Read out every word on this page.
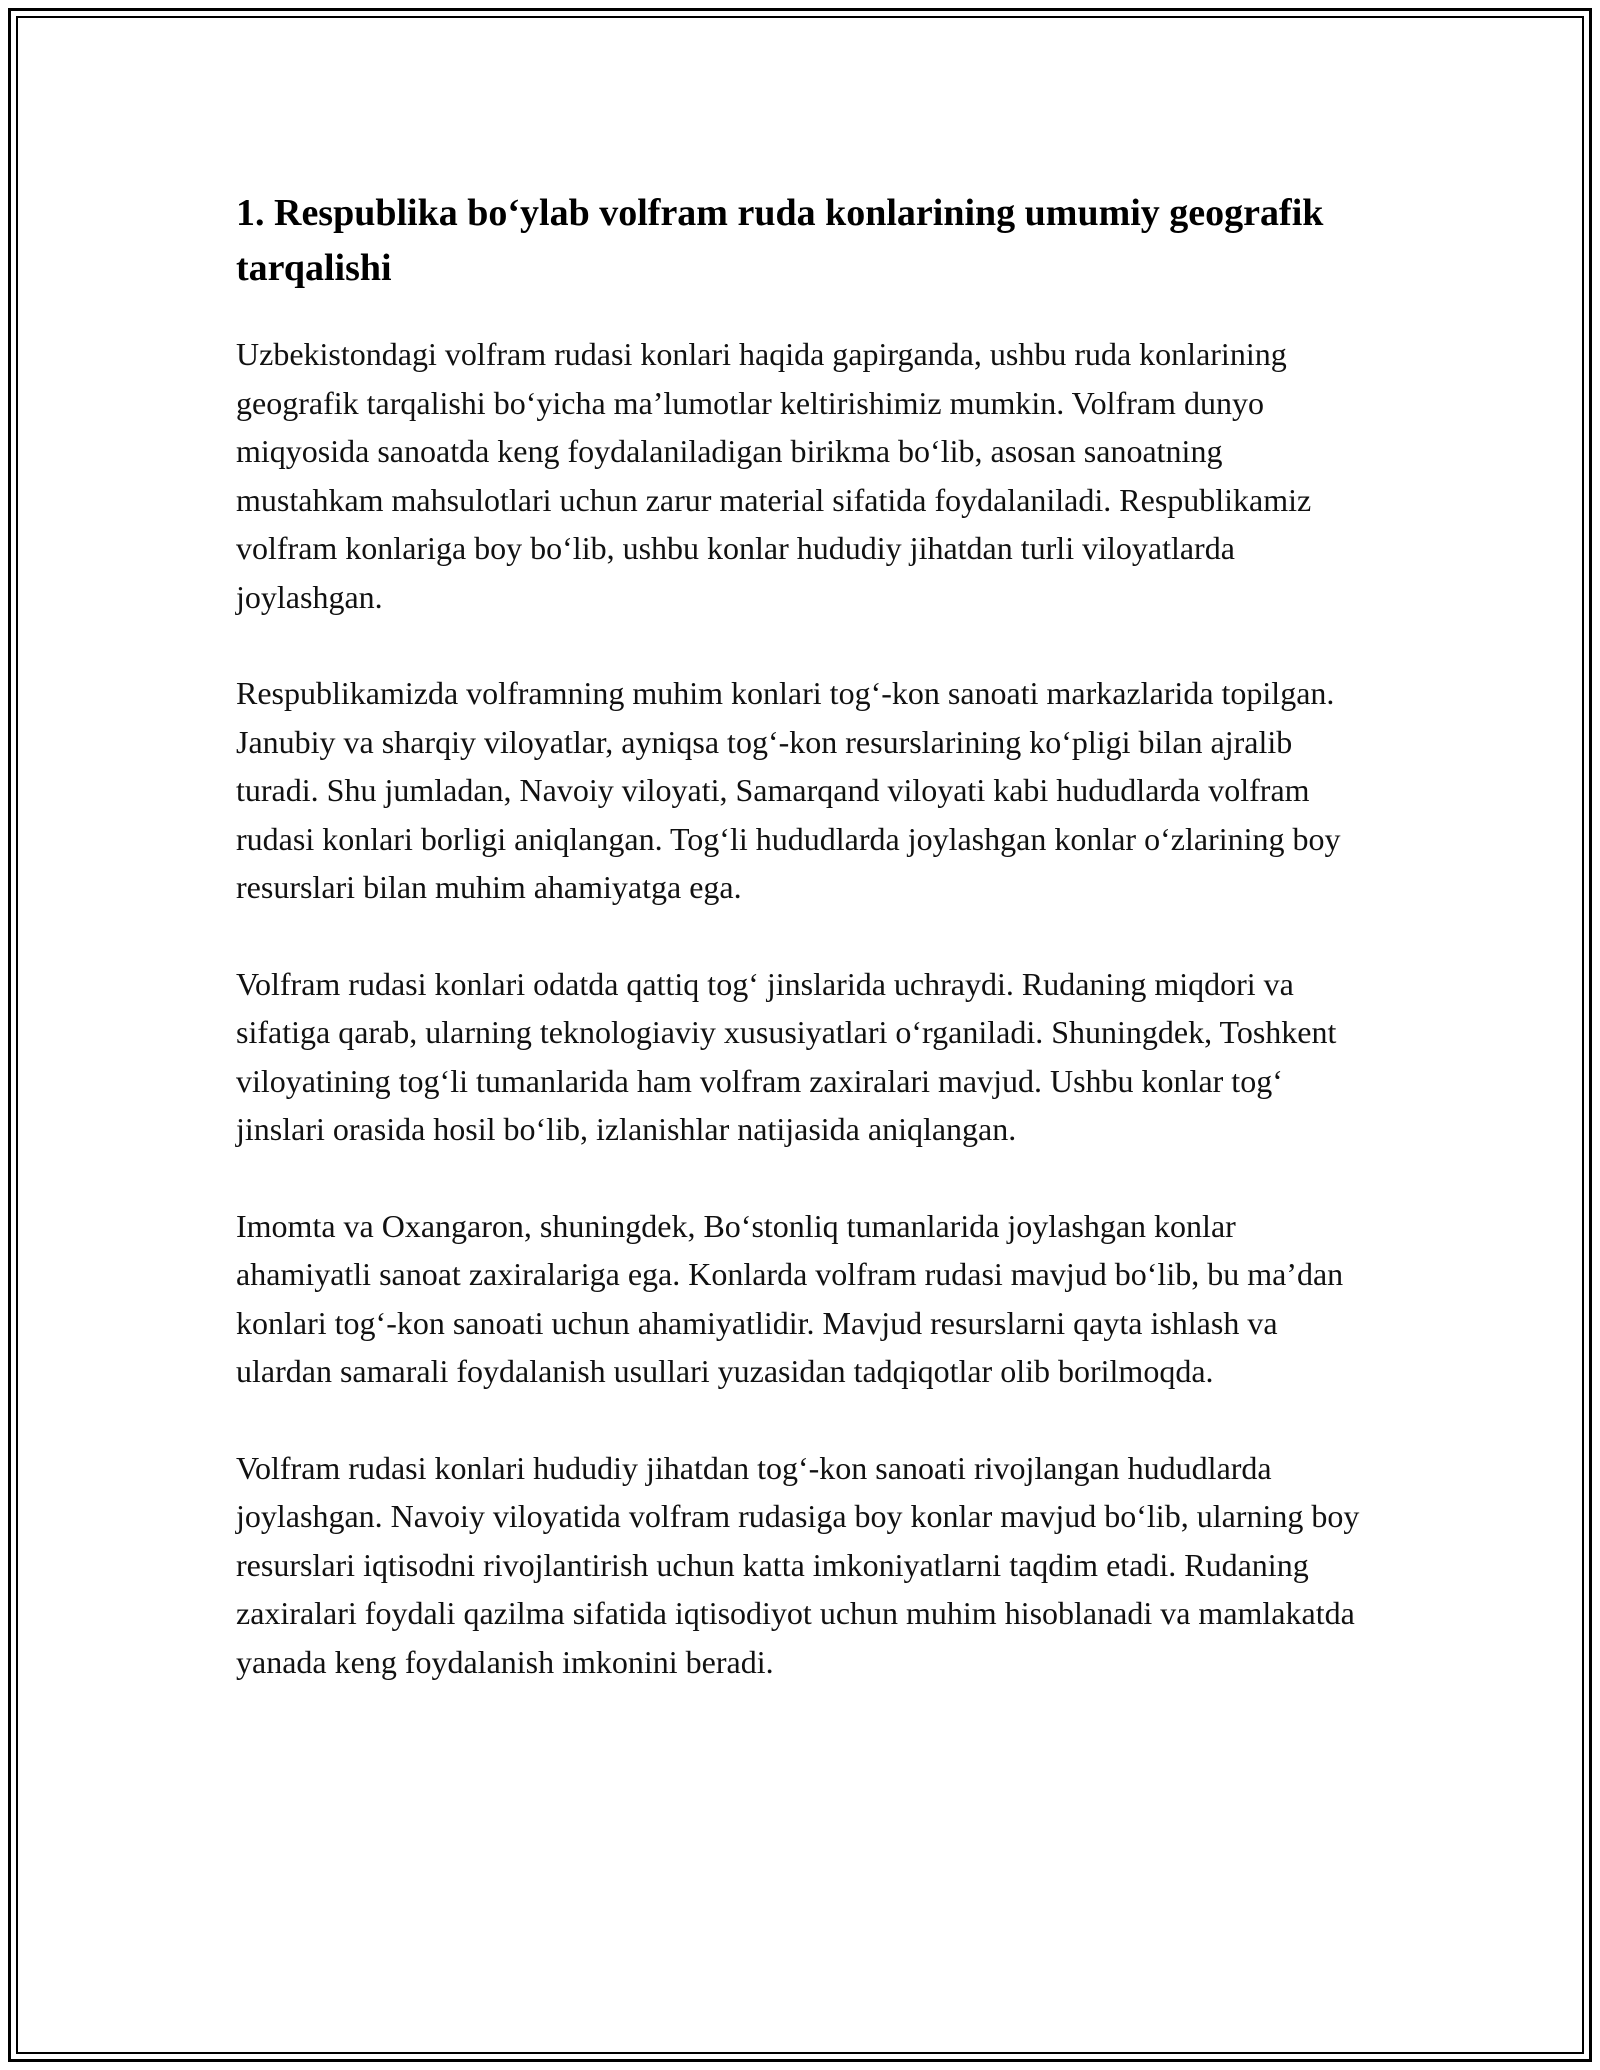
1. Respublika bo‘ylab volfram ruda konlarining umumiy geografik tarqalishi

Uzbekistondagi volfram rudasi konlari haqida gapirganda, ushbu ruda konlarining geografik tarqalishi bo‘yicha ma’lumotlar keltirishimiz mumkin. Volfram dunyo miqyosida sanoatda keng foydalaniladigan birikma bo‘lib, asosan sanoatning mustahkam mahsulotlari uchun zarur material sifatida foydalaniladi. Respublikamiz volfram konlariga boy bo‘lib, ushbu konlar hududiy jihatdan turli viloyatlarda joylashgan.

Respublikamizda volframning muhim konlari tog‘-kon sanoati markazlarida topilgan. Janubiy va sharqiy viloyatlar, ayniqsa tog‘-kon resurslarining ko‘pligi bilan ajralib turadi. Shu jumladan, Navoiy viloyati, Samarqand viloyati kabi hududlarda volfram rudasi konlari borligi aniqlangan. Tog‘li hududlarda joylashgan konlar o‘zlarining boy resurslari bilan muhim ahamiyatga ega.

Volfram rudasi konlari odatda qattiq tog‘ jinslarida uchraydi. Rudaning miqdori va sifatiga qarab, ularning teknologiaviy xususiyatlari o‘rganiladi. Shuningdek, Toshkent viloyatining tog‘li tumanlarida ham volfram zaxiralari mavjud. Ushbu konlar tog‘ jinslari orasida hosil bo‘lib, izlanishlar natijasida aniqlangan.

Imomta va Oxangaron, shuningdek, Bo‘stonliq tumanlarida joylashgan konlar ahamiyatli sanoat zaxiralariga ega. Konlarda volfram rudasi mavjud bo‘lib, bu ma’dan konlari tog‘-kon sanoati uchun ahamiyatlidir. Mavjud resurslarni qayta ishlash va ulardan samarali foydalanish usullari yuzasidan tadqiqotlar olib borilmoqda.

Volfram rudasi konlari hududiy jihatdan tog‘-kon sanoati rivojlangan hududlarda joylashgan. Navoiy viloyatida volfram rudasiga boy konlar mavjud bo‘lib, ularning boy resurslari iqtisodni rivojlantirish uchun katta imkoniyatlarni taqdim etadi. Rudaning zaxiralari foydali qazilma sifatida iqtisodiyot uchun muhim hisoblanadi va mamlakatda yanada keng foydalanish imkonini beradi.
